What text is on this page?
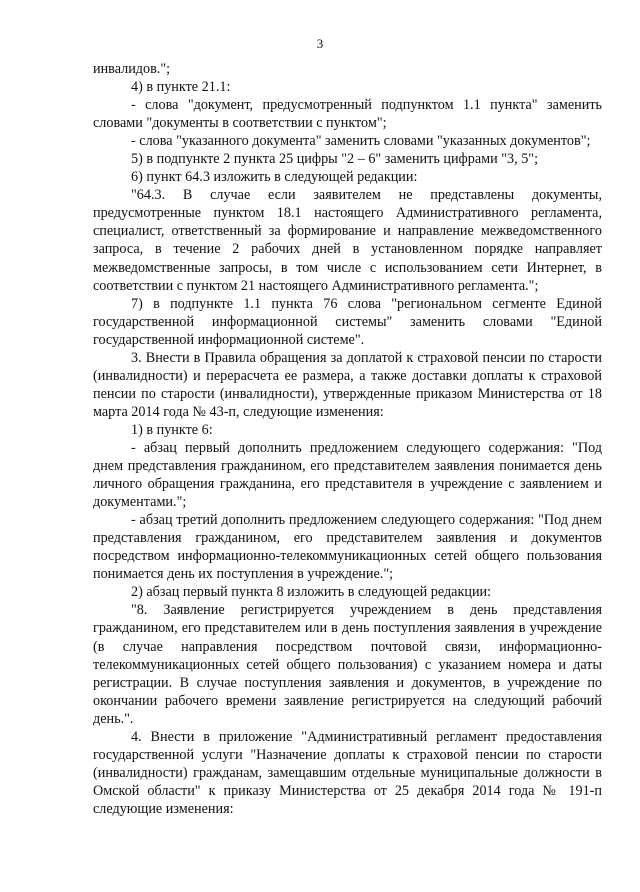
3

инвалидов.";

4) в пункте 21.1:

- слова "документ, предусмотренный подпунктом 1.1 пункта" заменить словами "документы в соответствии с пунктом";

- слова "указанного документа" заменить словами "указанных документов";

5) в подпункте 2 пункта 25 цифры "2 – 6" заменить цифрами "3, 5";

6) пункт 64.3 изложить в следующей редакции:

"64.3. В случае если заявителем не представлены документы, предусмотренные пунктом 18.1 настоящего Административного регламента, специалист, ответственный за формирование и направление межведомственного запроса, в течение 2 рабочих дней в установленном порядке направляет межведомственные запросы, в том числе с использованием сети Интернет, в соответствии с пунктом 21 настоящего Административного регламента.";

7) в подпункте 1.1 пункта 76 слова "региональном сегменте Единой государственной информационной системы" заменить словами "Единой государственной информационной системе".

3. Внести в Правила обращения за доплатой к страховой пенсии по старости (инвалидности) и перерасчета ее размера, а также доставки доплаты к страховой пенсии по старости (инвалидности), утвержденные приказом Министерства от 18 марта 2014 года № 43-п, следующие изменения:

1) в пункте 6:

- абзац первый дополнить предложением следующего содержания: "Под днем представления гражданином, его представителем заявления понимается день личного обращения гражданина, его представителя в учреждение с заявлением и документами.";

- абзац третий дополнить предложением следующего содержания: "Под днем представления гражданином, его представителем заявления и документов посредством информационно-телекоммуникационных сетей общего пользования понимается день их поступления в учреждение.";

2) абзац первый пункта 8 изложить в следующей редакции:

"8. Заявление регистрируется учреждением в день представления гражданином, его представителем или в день поступления заявления в учреждение (в случае направления посредством почтовой связи, информационно-телекоммуникационных сетей общего пользования) с указанием номера и даты регистрации. В случае поступления заявления и документов, в учреждение по окончании рабочего времени заявление регистрируется на следующий рабочий день.".

4. Внести в приложение "Административный регламент предоставления государственной услуги "Назначение доплаты к страховой пенсии по старости (инвалидности) гражданам, замещавшим отдельные муниципальные должности в Омской области" к приказу Министерства от 25 декабря 2014 года № 191-п следующие изменения:
